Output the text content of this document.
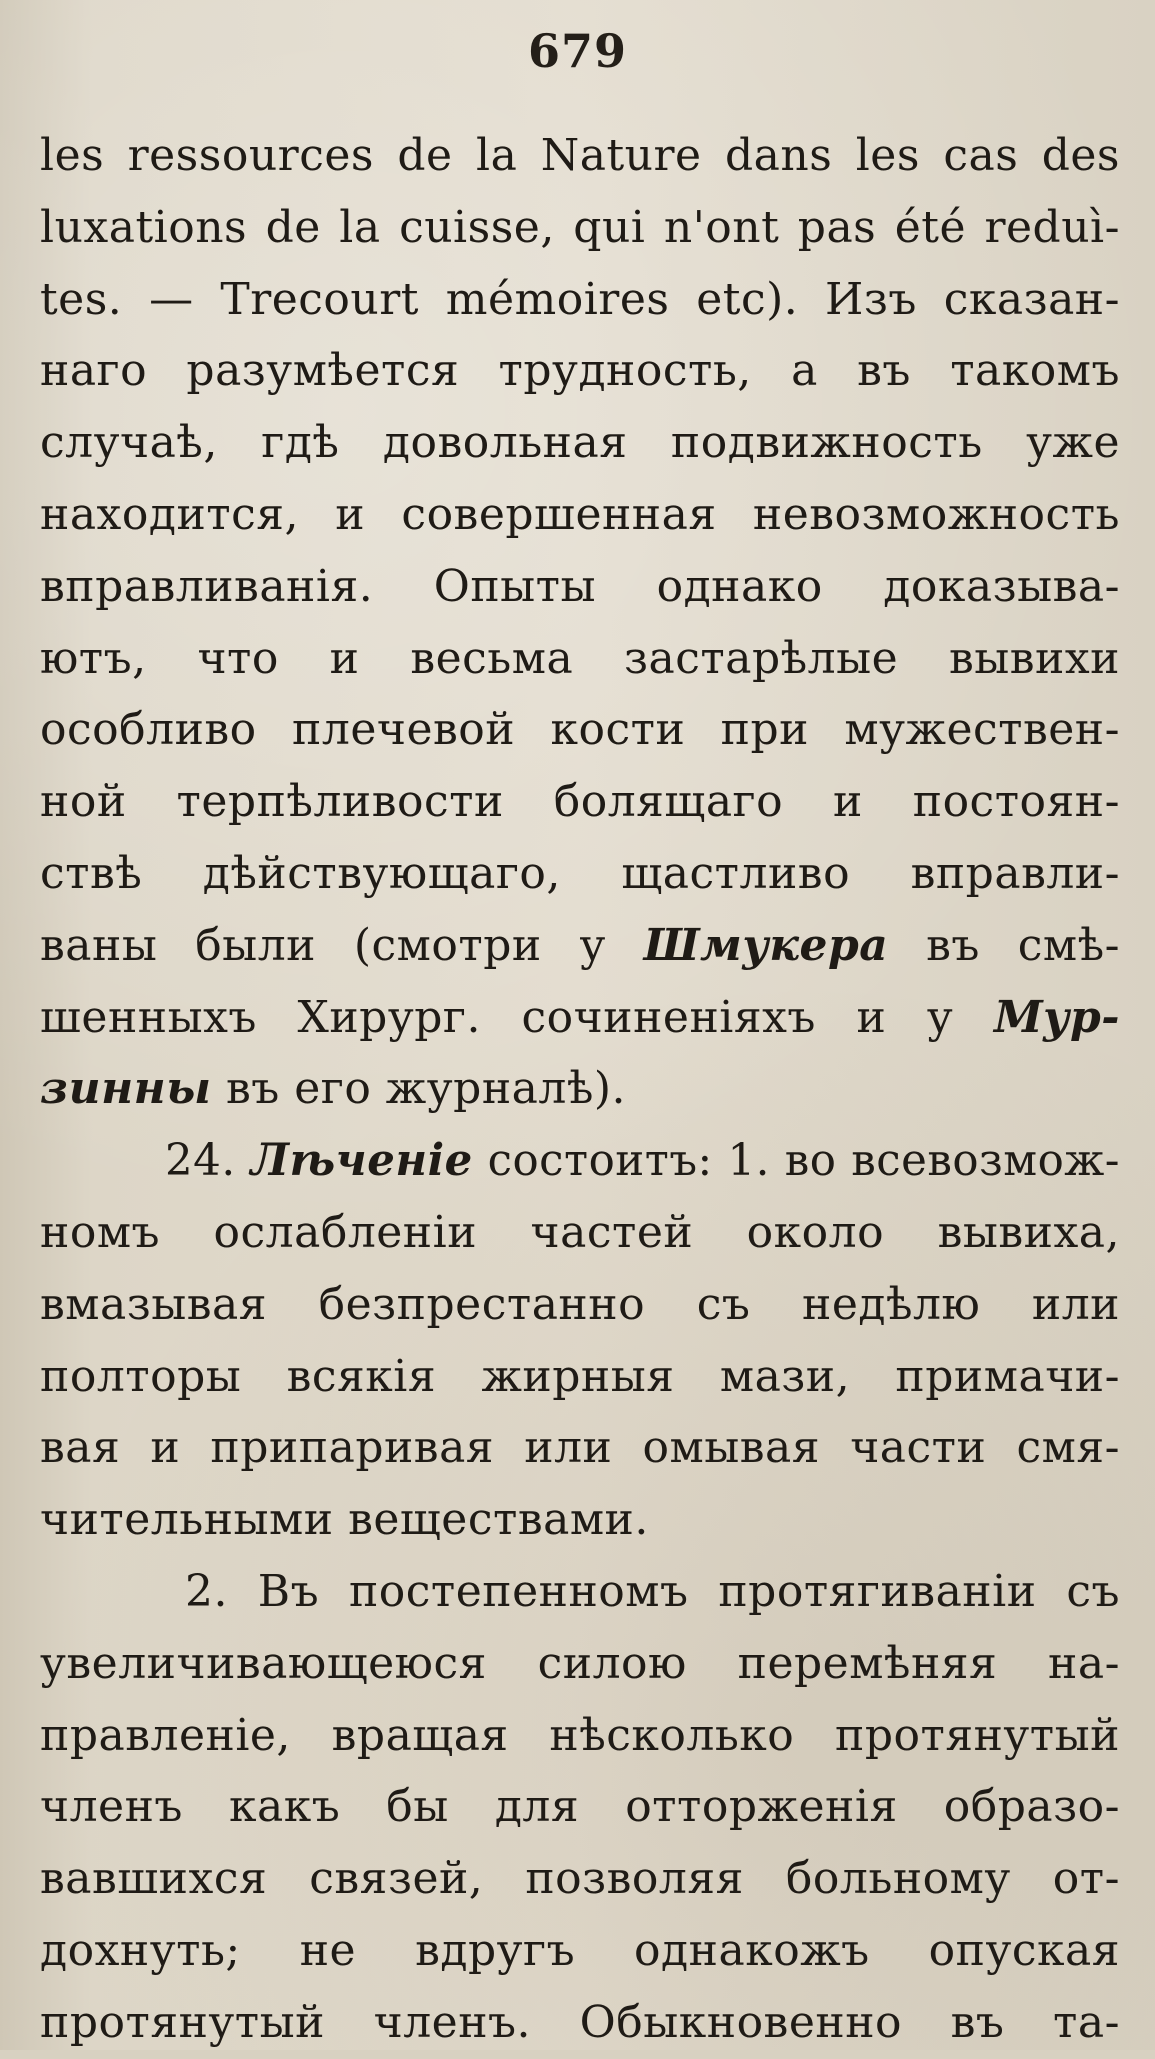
679
les ressources de la Nature dans les cas des
luxations de la cuisse, qui n'ont pas été reduì-
tes. — Trecourt mémoires etc). Изъ сказан-
наго разумѣется трудность, а въ такомъ
случаѣ, гдѣ довольная подвижность уже
находится, и совершенная невозможность
вправливанія. Опыты однако доказыва-
ютъ, что и весьма застарѣлые вывихи
особливо плечевой кости при мужествен-
ной терпѣливости болящаго и постоян-
ствѣ дѣйствующаго, щастливо вправли-
ваны были (смотри у Шмукера въ смѣ-
шенныхъ Хирург. сочиненіяхъ и у Мур-
зинны въ его журналѣ).
24. Лѣченіе состоитъ: 1. во всевозмож-
номъ ослабленіи частей около вывиха,
вмазывая безпрестанно съ недѣлю или
полторы всякія жирныя мази, примачи-
вая и припаривая или омывая части смя-
чительными веществами.
2. Въ постепенномъ протягиваніи съ
увеличивающеюся силою перемѣняя на-
правленіе, вращая нѣсколько протянутый
членъ какъ бы для отторженія образо-
вавшихся связей, позволяя больному от-
дохнуть; не вдругъ однакожъ опуская
протянутый членъ. Обыкновенно въ та-
